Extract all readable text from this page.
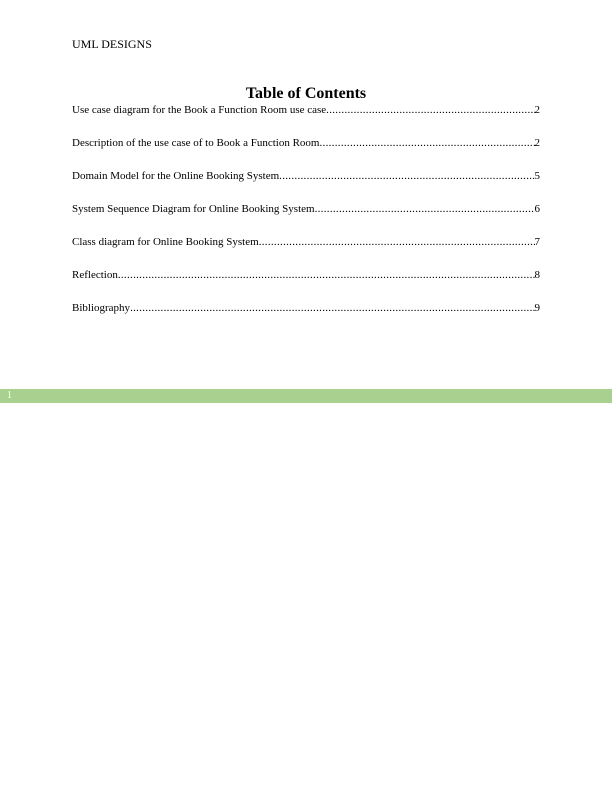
UML DESIGNS
Table of Contents
Use case diagram for the Book a Function Room use case .....	2
Description of the use case of to Book a Function Room .....	2
Domain Model for the Online Booking System .....	5
System Sequence Diagram for Online Booking System .....	6
Class diagram for Online Booking System .....	7
Reflection .....	8
Bibliography .....	9
1
